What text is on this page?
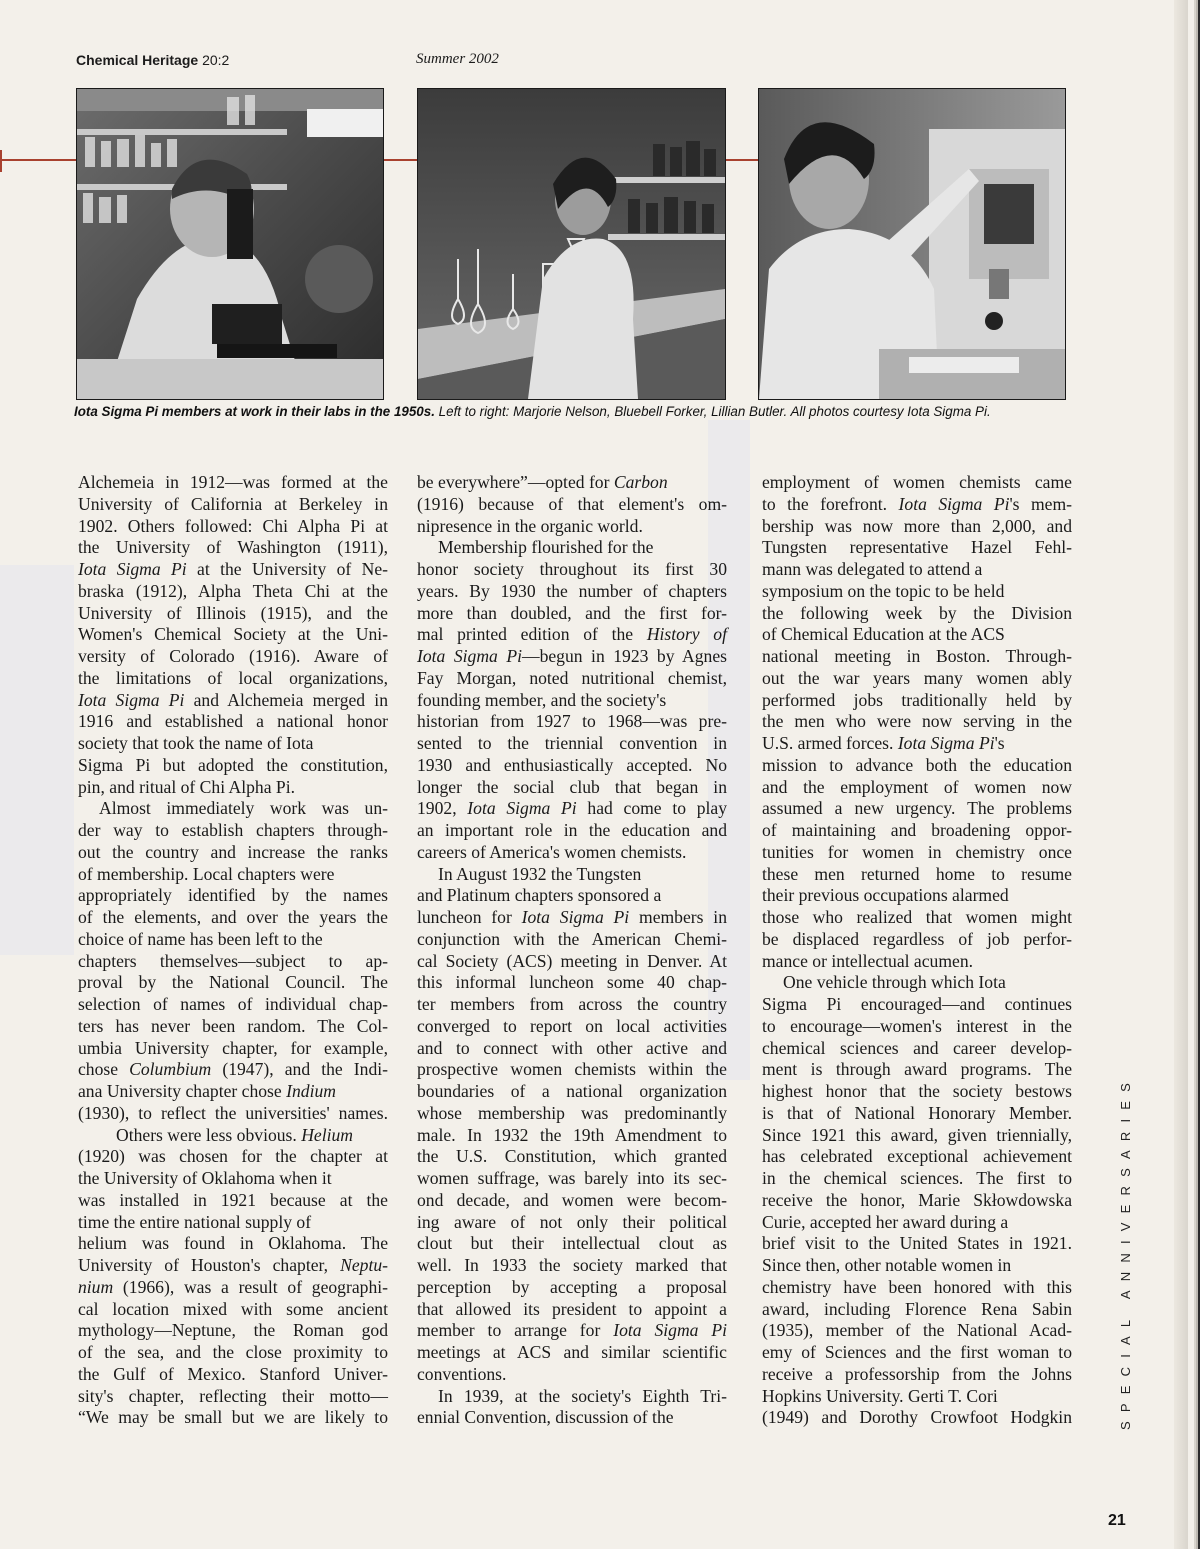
Chemical Heritage 20:2	Summer 2002
Iota Sigma Pi members at work in their labs in the 1950s. Left to right: Marjorie Nelson, Bluebell Forker, Lillian Butler. All photos courtesy Iota Sigma Pi.
Alchemeia in 1912—was formed at the
University of California at Berkeley in
1902. Others followed: Chi Alpha Pi at
the University of Washington (1911),
Iota Sigma Pi at the University of Ne-
braska (1912), Alpha Theta Chi at the
University of Illinois (1915), and the
Women's Chemical Society at the Uni-
versity of Colorado (1916). Aware of
the limitations of local organizations,
Iota Sigma Pi and Alchemeia merged in
1916 and established a national honor
society that took the name of Iota
Sigma Pi but adopted the constitution,
pin, and ritual of Chi Alpha Pi.
Almost immediately work was un-
der way to establish chapters through-
out the country and increase the ranks
of membership. Local chapters were
appropriately identified by the names
of the elements, and over the years the
choice of name has been left to the
chapters themselves—subject to ap-
proval by the National Council. The
selection of names of individual chap-
ters has never been random. The Col-
umbia University chapter, for example,
chose Columbium (1947), and the Indi-
ana University chapter chose Indium
(1930), to reflect the universities' names.
Others were less obvious. Helium
(1920) was chosen for the chapter at
the University of Oklahoma when it
was installed in 1921 because at the
time the entire national supply of
helium was found in Oklahoma. The
University of Houston's chapter, Neptu-
nium (1966), was a result of geographi-
cal location mixed with some ancient
mythology—Neptune, the Roman god
of the sea, and the close proximity to
the Gulf of Mexico. Stanford Univer-
sity's chapter, reflecting their motto—
“We may be small but we are likely to
be everywhere”—opted for Carbon
(1916) because of that element's om-
nipresence in the organic world.
Membership flourished for the
honor society throughout its first 30
years. By 1930 the number of chapters
more than doubled, and the first for-
mal printed edition of the History of
Iota Sigma Pi—begun in 1923 by Agnes
Fay Morgan, noted nutritional chemist,
founding member, and the society's
historian from 1927 to 1968—was pre-
sented to the triennial convention in
1930 and enthusiastically accepted. No
longer the social club that began in
1902, Iota Sigma Pi had come to play
an important role in the education and
careers of America's women chemists.
In August 1932 the Tungsten
and Platinum chapters sponsored a
luncheon for Iota Sigma Pi members in
conjunction with the American Chemi-
cal Society (ACS) meeting in Denver. At
this informal luncheon some 40 chap-
ter members from across the country
converged to report on local activities
and to connect with other active and
prospective women chemists within the
boundaries of a national organization
whose membership was predominantly
male. In 1932 the 19th Amendment to
the U.S. Constitution, which granted
women suffrage, was barely into its sec-
ond decade, and women were becom-
ing aware of not only their political
clout but their intellectual clout as
well. In 1933 the society marked that
perception by accepting a proposal
that allowed its president to appoint a
member to arrange for Iota Sigma Pi
meetings at ACS and similar scientific
conventions.
In 1939, at the society's Eighth Tri-
ennial Convention, discussion of the
employment of women chemists came
to the forefront. Iota Sigma Pi's mem-
bership was now more than 2,000, and
Tungsten representative Hazel Fehl-
mann was delegated to attend a
symposium on the topic to be held
the following week by the Division
of Chemical Education at the ACS
national meeting in Boston. Through-
out the war years many women ably
performed jobs traditionally held by
the men who were now serving in the
U.S. armed forces. Iota Sigma Pi's
mission to advance both the education
and the employment of women now
assumed a new urgency. The problems
of maintaining and broadening oppor-
tunities for women in chemistry once
these men returned home to resume
their previous occupations alarmed
those who realized that women might
be displaced regardless of job perfor-
mance or intellectual acumen.
One vehicle through which Iota
Sigma Pi encouraged—and continues
to encourage—women's interest in the
chemical sciences and career develop-
ment is through award programs. The
highest honor that the society bestows
is that of National Honorary Member.
Since 1921 this award, given triennially,
has celebrated exceptional achievement
in the chemical sciences. The first to
receive the honor, Marie Skłowdowska
Curie, accepted her award during a
brief visit to the United States in 1921.
Since then, other notable women in
chemistry have been honored with this
award, including Florence Rena Sabin
(1935), member of the National Acad-
emy of Sciences and the first woman to
receive a professorship from the Johns
Hopkins University. Gerti T. Cori
(1949) and Dorothy Crowfoot Hodgkin	SPECIAL ANNIVERSARIES
21
